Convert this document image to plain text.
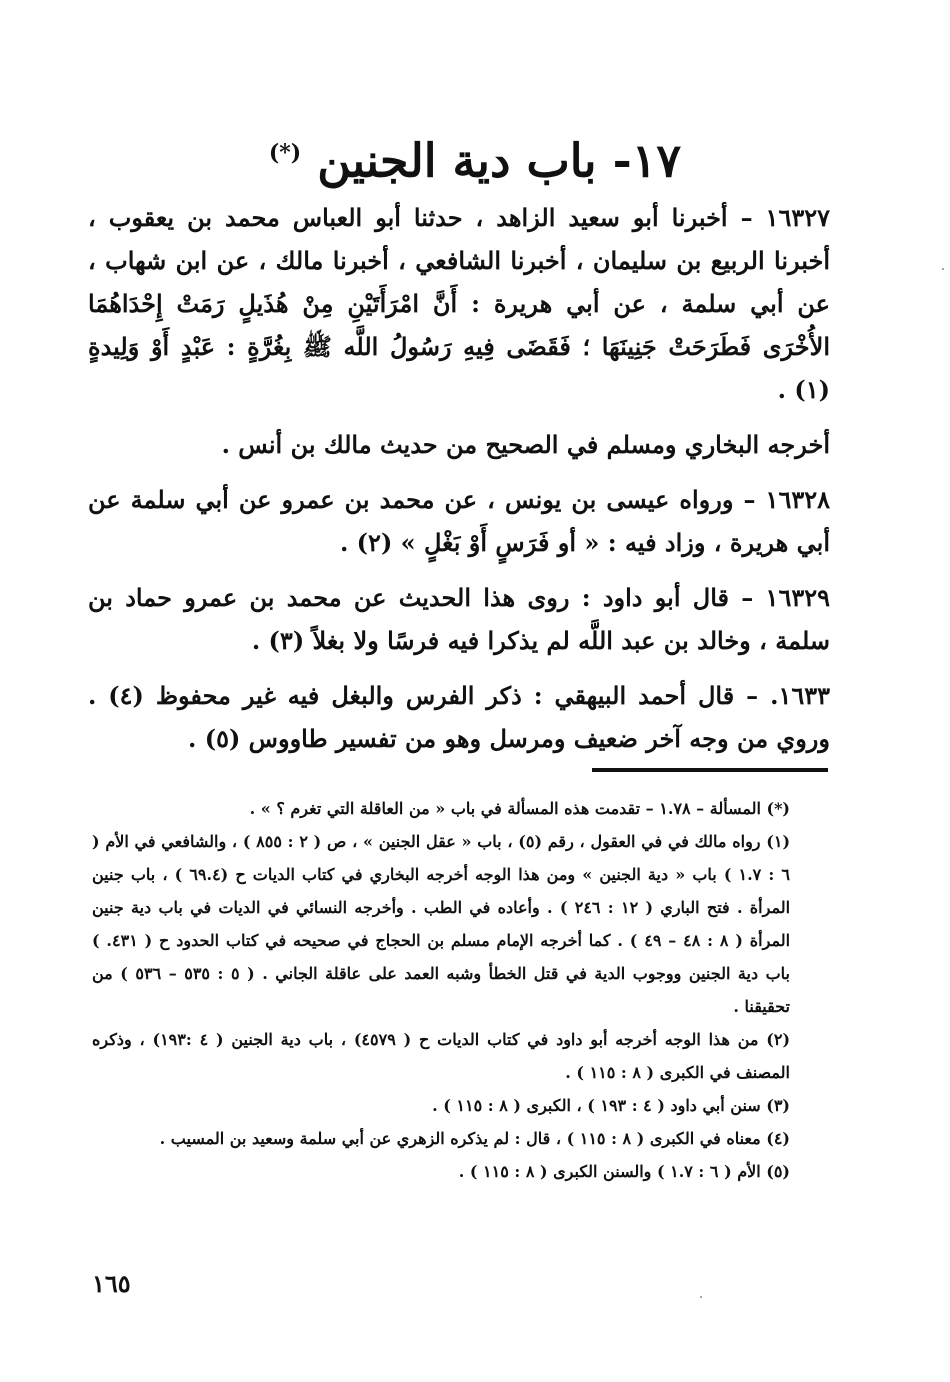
١٧- باب دية الجنين (*)

١٦٣٢٧ – أخبرنا أبو سعيد الزاهد ، حدثنا أبو العباس محمد بن يعقوب ، أخبرنا الربيع بن سليمان ، أخبرنا الشافعي ، أخبرنا مالك ، عن ابن شهاب ، عن أبي سلمة ، عن أبي هريرة : أَنَّ امْرَأَتَيْنِ مِنْ هُذَيلٍ رَمَتْ إِحْدَاهُمَا الأُخْرَى فَطَرَحَتْ جَنِينَهَا ؛ فَقَضَى فِيهِ رَسُولُ اللَّه ﷺ بِغُرَّةٍ : عَبْدٍ أَوْ وَلِيدةٍ (١) .

أخرجه البخاري ومسلم في الصحيح من حديث مالك بن أنس .

١٦٣٢٨ – ورواه عيسى بن يونس ، عن محمد بن عمرو عن أبي سلمة عن أبي هريرة ، وزاد فيه : « أو فَرَسٍ أَوْ بَغْلٍ » (٢) .

١٦٣٢٩ – قال أبو داود : روى هذا الحديث عن محمد بن عمرو حماد بن سلمة ، وخالد بن عبد اللَّه لم يذكرا فيه فرسًا ولا بغلاً (٣) .

١٦٣٣. – قال أحمد البيهقي : ذكر الفرس والبغل فيه غير محفوظ (٤) . وروي من وجه آخر ضعيف ومرسل وهو من تفسير طاووس (٥) .

(*) المسألة – ١.٧٨ – تقدمت هذه المسألة في باب « من العاقلة التي تغرم ؟ » .

(١) رواه مالك في في العقول ، رقم (٥) ، باب « عقل الجنين » ، ص ( ٢ : ٨٥٥ ) ، والشافعي في الأم ( ٦ : ١.٧ ) باب « دية الجنين » ومن هذا الوجه أخرجه البخاري في كتاب الديات ح (٦٩.٤ ) ، باب جنين المرأة . فتح الباري ( ١٢ : ٢٤٦ ) . وأعاده في الطب . وأخرجه النسائي في الديات في باب دية جنين المرأة ( ٨ : ٤٨ – ٤٩ ) . كما أخرجه الإمام مسلم بن الحجاج في صحيحه في كتاب الحدود ح ( ٤٣١. ) باب دية الجنين ووجوب الدية في قتل الخطأ وشبه العمد على عاقلة الجاني . ( ٥ : ٥٣٥ – ٥٣٦ ) من تحقيقنا .

(٢) من هذا الوجه أخرجه أبو داود في كتاب الديات ح ( ٤٥٧٩) ، باب دية الجنين ( ٤ :١٩٣) ، وذكره المصنف في الكبرى ( ٨ : ١١٥ ) .

(٣) سنن أبي داود ( ٤ : ١٩٣ ) ، الكبرى ( ٨ : ١١٥ ) .

(٤) معناه في الكبرى ( ٨ : ١١٥ ) ، قال : لم يذكره الزهري عن أبي سلمة وسعيد بن المسيب .

(٥) الأم ( ٦ : ١.٧ ) والسنن الكبرى ( ٨ : ١١٥ ) .

١٦٥
